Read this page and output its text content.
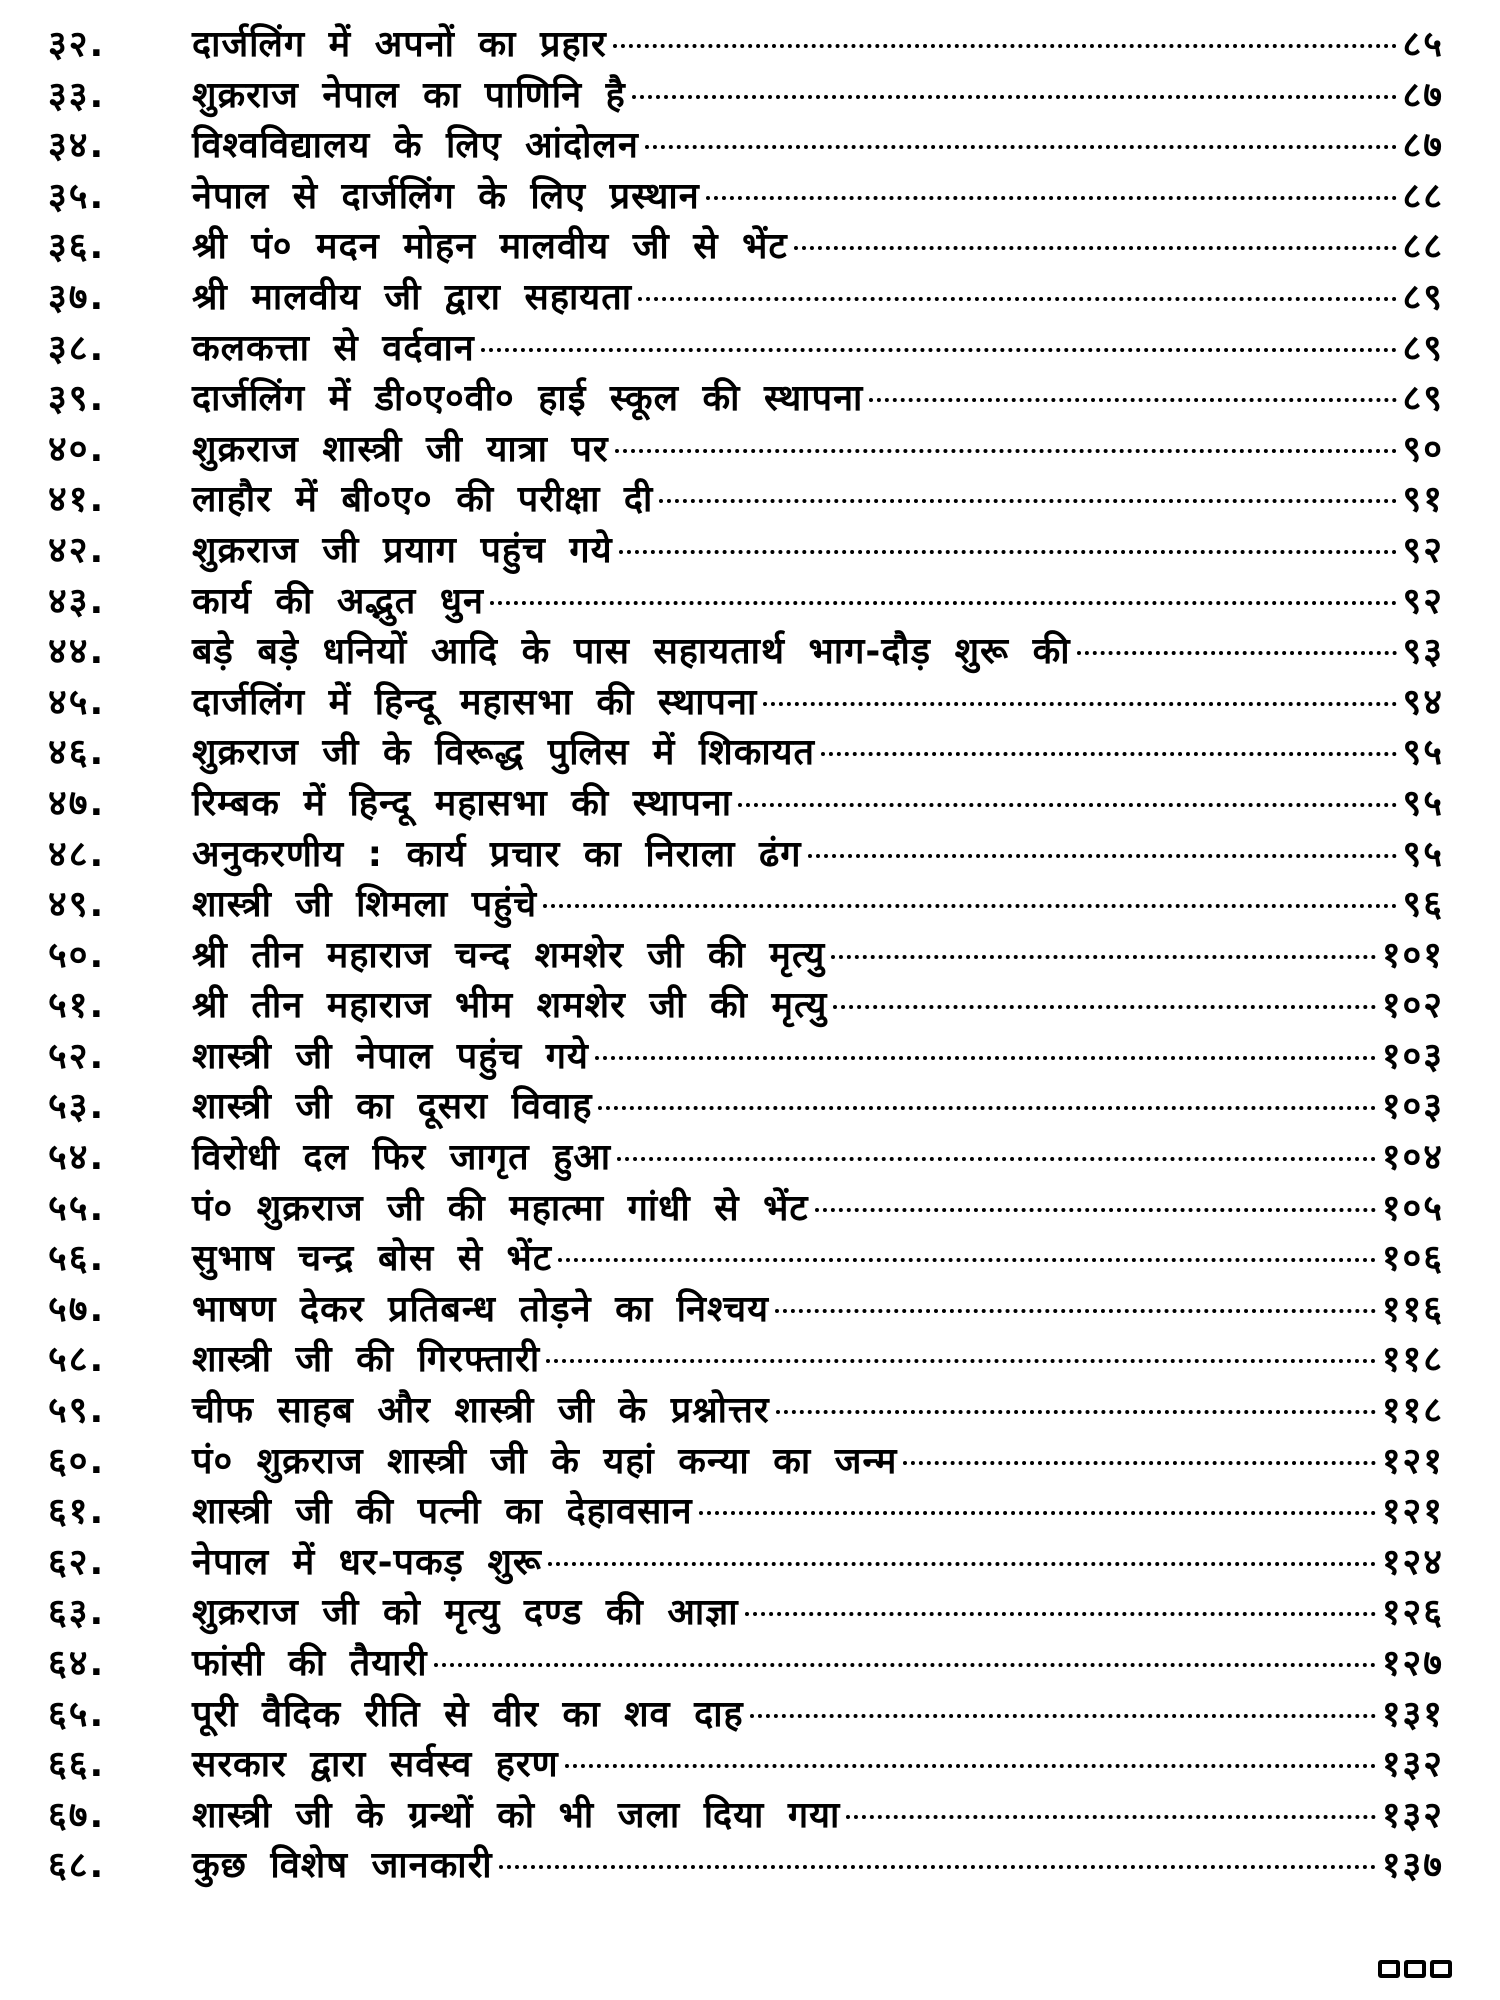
३२.	दार्जलिंग में अपनों का प्रहार	८५
३३.	शुक्रराज नेपाल का पाणिनि है	८७
३४.	विश्वविद्यालय के लिए आंदोलन	८७
३५.	नेपाल से दार्जलिंग के लिए प्रस्थान	८८
३६.	श्री पं० मदन मोहन मालवीय जी से भेंट	८८
३७.	श्री मालवीय जी द्वारा सहायता	८९
३८.	कलकत्ता से वर्दवान	८९
३९.	दार्जलिंग में डी०ए०वी० हाई स्कूल की स्थापना	८९
४०.	शुक्रराज शास्त्री जी यात्रा पर	९०
४१.	लाहौर में बी०ए० की परीक्षा दी	९१
४२.	शुक्रराज जी प्रयाग पहुंच गये	९२
४३.	कार्य की अद्भुत धुन	९२
४४.	बड़े बड़े धनियों आदि के पास सहायतार्थ भाग-दौड़ शुरू की	९३
४५.	दार्जलिंग में हिन्दू महासभा की स्थापना	९४
४६.	शुक्रराज जी के विरूद्ध पुलिस में शिकायत	९५
४७.	रिम्बक में हिन्दू महासभा की स्थापना	९५
४८.	अनुकरणीय : कार्य प्रचार का निराला ढंग	९५
४९.	शास्त्री जी शिमला पहुंचे	९६
५०.	श्री तीन महाराज चन्द शमशेर जी की मृत्यु	१०१
५१.	श्री तीन महाराज भीम शमशेर जी की मृत्यु	१०२
५२.	शास्त्री जी नेपाल पहुंच गये	१०३
५३.	शास्त्री जी का दूसरा विवाह	१०३
५४.	विरोधी दल फिर जागृत हुआ	१०४
५५.	पं० शुक्रराज जी की महात्मा गांधी से भेंट	१०५
५६.	सुभाष चन्द्र बोस से भेंट	१०६
५७.	भाषण देकर प्रतिबन्ध तोड़ने का निश्चय	११६
५८.	शास्त्री जी की गिरफ्तारी	११८
५९.	चीफ साहब और शास्त्री जी के प्रश्नोत्तर	११८
६०.	पं० शुक्रराज शास्त्री जी के यहां कन्या का जन्म	१२१
६१.	शास्त्री जी की पत्नी का देहावसान	१२१
६२.	नेपाल में धर-पकड़ शुरू	१२४
६३.	शुक्रराज जी को मृत्यु दण्ड की आज्ञा	१२६
६४.	फांसी की तैयारी	१२७
६५.	पूरी वैदिक रीति से वीर का शव दाह	१३१
६६.	सरकार द्वारा सर्वस्व हरण	१३२
६७.	शास्त्री जी के ग्रन्थों को भी जला दिया गया	१३२
६८.	कुछ विशेष जानकारी	१३७
